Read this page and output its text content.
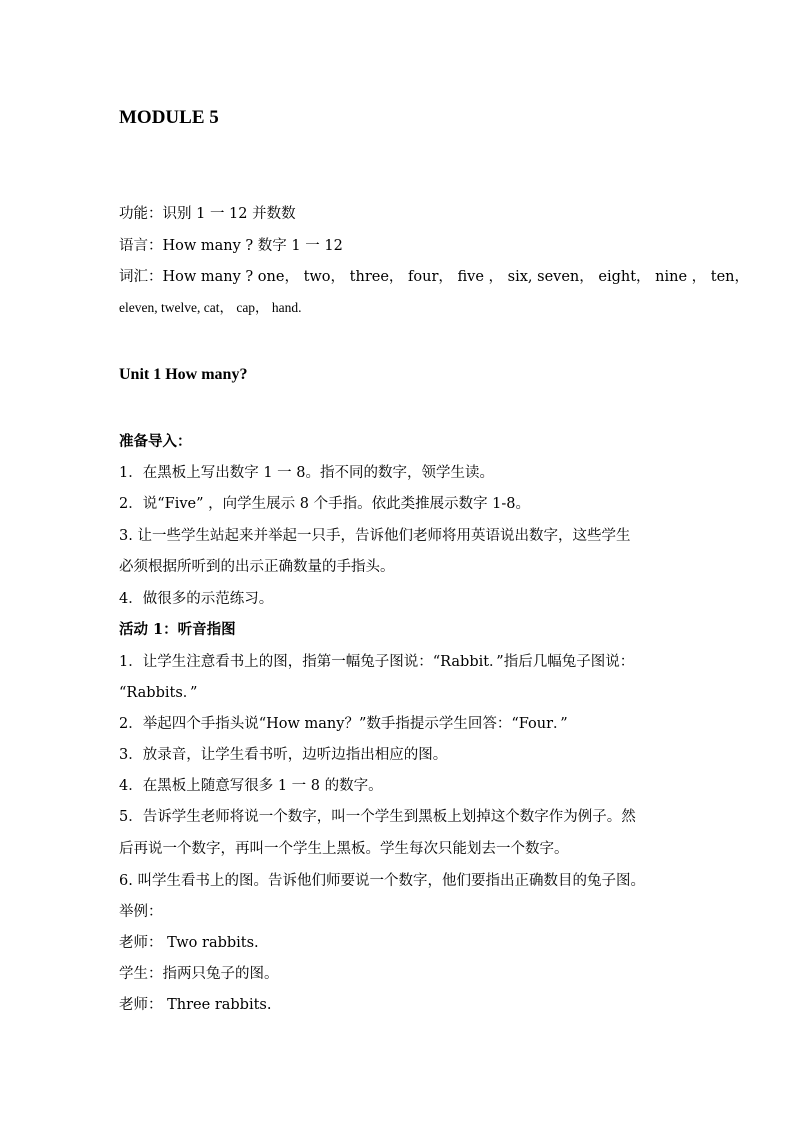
MODULE 5
功能：识别 1 一 12 并数数
语言：How many ? 数字 1 一 12
词汇：How many ? one， two， three， four， five ， six, seven， eight， nine ， ten，
eleven, twelve, cat， cap， hand.
Unit 1 How many?
准备导入：
1．在黑板上写出数字 1 一 8。指不同的数字，领学生读。
2．说“Five” ，向学生展示 8 个手指。依此类推展示数字 1-8。
3. 让一些学生站起来并举起一只手，告诉他们老师将用英语说出数字，这些学生
必须根据所听到的出示正确数量的手指头。
4．做很多的示范练习。
活动 1：听音指图
1．让学生注意看书上的图，指第一幅兔子图说：“Rabbit．”指后几幅兔子图说：
“Rabbits．”
2．举起四个手指头说“How many？”数手指提示学生回答：“Four．”
3．放录音，让学生看书听，边听边指出相应的图。
4．在黑板上随意写很多 1 一 8 的数字。
5．告诉学生老师将说一个数字，叫一个学生到黑板上划掉这个数字作为例子。然
后再说一个数字，再叫一个学生上黑板。学生每次只能划去一个数字。
6. 叫学生看书上的图。告诉他们师要说一个数字，他们要指出正确数目的兔子图。
举例：
老师： Two rabbits.
学生：指两只兔子的图。
老师： Three rabbits.
